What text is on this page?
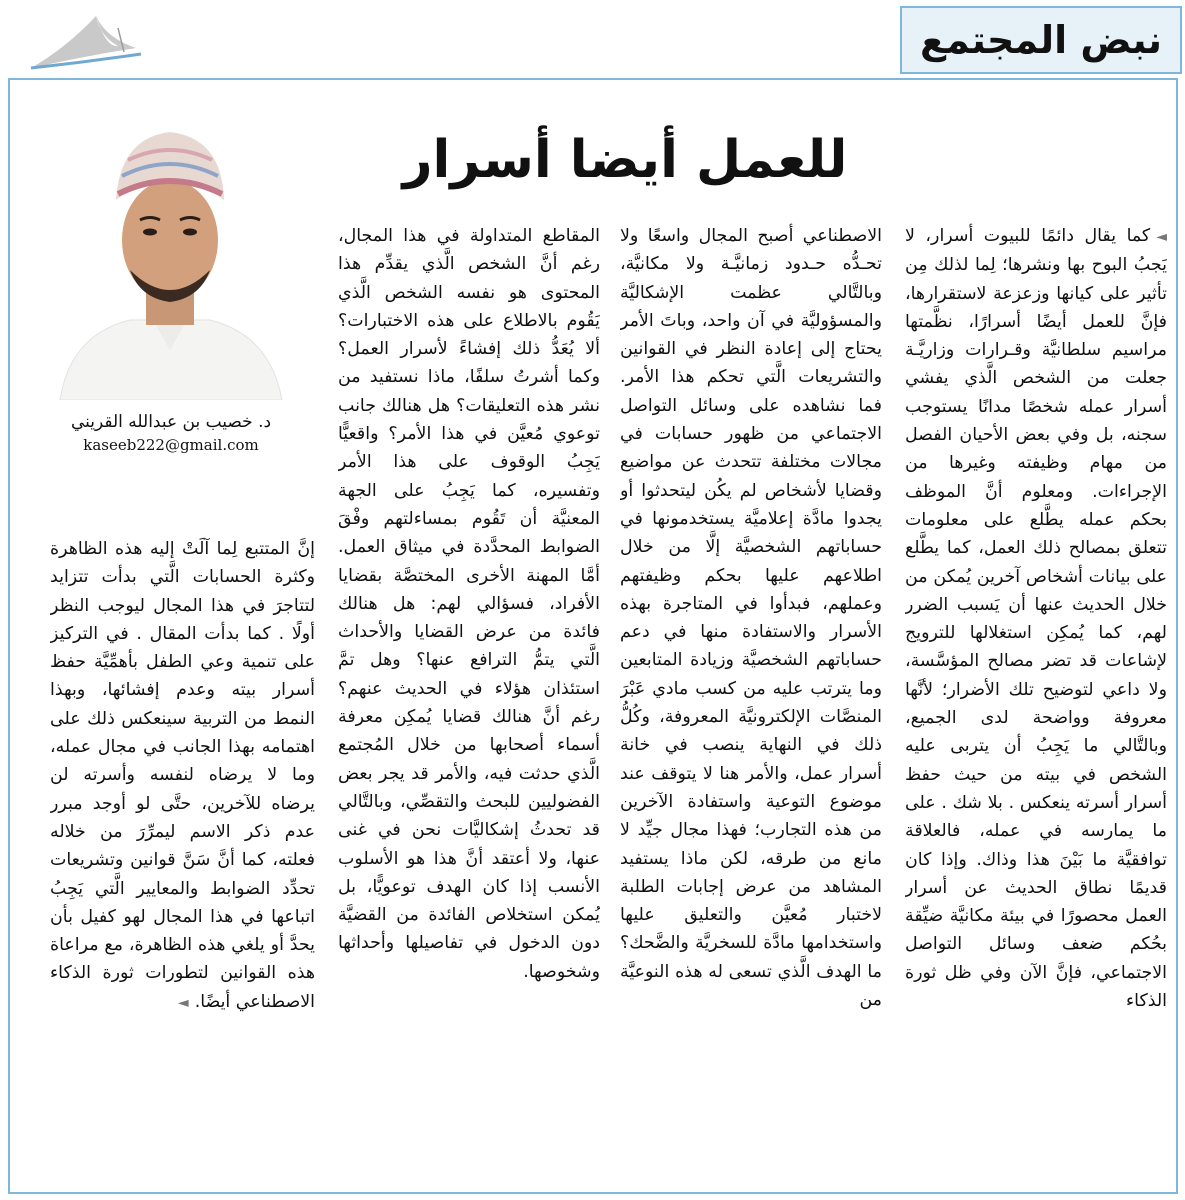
نبض المجتمع
للعمل أيضا أسرار
د. خصيب بن عبدالله القريني
kaseeb222@gmail.com

◄كما يقال دائمًا للبيوت أسرار، لا يَجبُ البوح بها ونشرها؛ لِما لذلك مِن تأثير على كيانها وزعزعة لاستقرارها، فإنَّ للعمل أيضًا أسرارًا، نظَّمتها مراسيم سلطانيَّة وقـرارات وزاريَّـة جعلت من الشخص الَّذي يفشي أسرار عمله شخصًا مدانًا يستوجب سجنه، بل وفي بعض الأحيان الفصل من مهام وظيفته وغيرها من الإجراءات. ومعلوم أنَّ الموظف بحكم عمله يطَّلع على معلومات تتعلق بمصالح ذلك العمل، كما يطَّلع على بيانات أشخاص آخرين يُمكن من خلال الحديث عنها أن يَسبب الضرر لهم، كما يُمكِن استغلالها للترويج لإشاعات قد تضر مصالح المؤسَّسة، ولا داعي لتوضيح تلك الأضرار؛ لأنَّها معروفة وواضحة لدى الجميع، وبالتَّالي ما يَجِبُ أن يتربى عليه الشخص في بيته من حيث حفظ أسرار أسرته ينعكس . بلا شك . على ما يمارسه في عمله، فالعلاقة توافقيَّة ما بَيْنَ هذا وذاك. وإذا كان قديمًا نطاق الحديث عن أسرار العمل محصورًا في بيئة مكانيَّة ضيِّقة بحُكم ضعف وسائل التواصل الاجتماعي، فإنَّ الآن وفي ظل ثورة الذكاء

الاصطناعي أصبح المجال واسعًا ولا تحـدُّه حـدود زمانيَّـة ولا مكانيَّة، وبالتَّالي عظمت الإشكاليَّة والمسؤوليَّة في آن واحد، وباتَ الأمر يحتاج إلى إعادة النظر في القوانين والتشريعات الَّتي تحكم هذا الأمر. فما نشاهده على وسائل التواصل الاجتماعي من ظهور حسابات في مجالات مختلفة تتحدث عن مواضيع وقضايا لأشخاص لم يكُن ليتحدثوا أو يجدوا مادَّة إعلاميَّة يستخدمونها في حساباتهم الشخصيَّة إلَّا من خلال اطلاعهم عليها بحكم وظيفتهم وعملهم، فبدأوا في المتاجرة بهذه الأسرار والاستفادة منها في دعم حساباتهم الشخصيَّة وزيادة المتابعين وما يترتب عليه من كسب مادي عَبْرَ المنصَّات الإلكترونيَّة المعروفة، وكُلُّ ذلك في النهاية ينصب في خانة أسرار عمل، والأمر هنا لا يتوقف عند موضوع التوعية واستفادة الآخرين من هذه التجارب؛ فهذا مجال جيِّد لا مانع من طرقه، لكن ماذا يستفيد المشاهد من عرض إجابات الطلبة لاختبار مُعيَّن والتعليق عليها واستخدامها مادَّة للسخريَّة والضَّحك؟ ما الهدف الَّذي تسعى له هذه النوعيَّة من

المقاطع المتداولة في هذا المجال، رغم أنَّ الشخص الَّذي يقدِّم هذا المحتوى هو نفسه الشخص الَّذي يَقُوم بالاطلاع على هذه الاختبارات؟ ألا يُعَدُّ ذلك إفشاءً لأسرار العمل؟ وكما أشرتُ سلفًا، ماذا نستفيد من نشر هذه التعليقات؟ هل هنالك جانب توعوي مُعيَّن في هذا الأمر؟ واقعيًّا يَجِبُ الوقوف على هذا الأمر وتفسيره، كما يَجِبُ على الجهة المعنيَّة أن تَقُوم بمساءلتهم وفْقَ الضوابط المحدَّدة في ميثاق العمل. أمَّا المهنة الأخرى المختصَّة بقضايا الأفراد، فسؤالي لهم: هل هنالك فائدة من عرض القضايا والأحداث الَّتي يتمُّ الترافع عنها؟ وهل تمَّ استئذان هؤلاء في الحديث عنهم؟ رغم أنَّ هنالك قضايا يُمكِن معرفة أسماء أصحابها من خلال المُجتمع الَّذي حدثت فيه، والأمر قد يجر بعض الفضوليين للبحث والتقصِّي، وبالتَّالي قد تحدثُ إشكاليَّات نحن في غنى عنها، ولا أعتقد أنَّ هذا هو الأسلوب الأنسب إذا كان الهدف توعويًّا، بل يُمكن استخلاص الفائدة من القضيَّة دون الدخول في تفاصيلها وأحداثها وشخوصها.

إنَّ المتتبع لِما آلَتْ إليه هذه الظاهرة وكثرة الحسابات الَّتي بدأت تتزايد لتتاجرَ في هذا المجال ليوجب النظر أولًا . كما بدأت المقال . في التركيز على تنمية وعي الطفل بأهمِّيَّة حفظ أسرار بيته وعدم إفشائها، وبهذا النمط من التربية سينعكس ذلك على اهتمامه بهذا الجانب في مجال عمله، وما لا يرضاه لنفسه وأسرته لن يرضاه للآخرين، حتَّى لو أوجد مبرر عدم ذكر الاسم ليمرِّرَ من خلاله فعلته، كما أنَّ سَنَّ قوانين وتشريعات تحدِّد الضوابط والمعايير الَّتي يَجِبُ اتباعها في هذا المجال لهو كفيل بأن يحدَّ أو يلغي هذه الظاهرة، مع مراعاة هذه القوانين لتطورات ثورة الذكاء الاصطناعي أيضًا.◄
